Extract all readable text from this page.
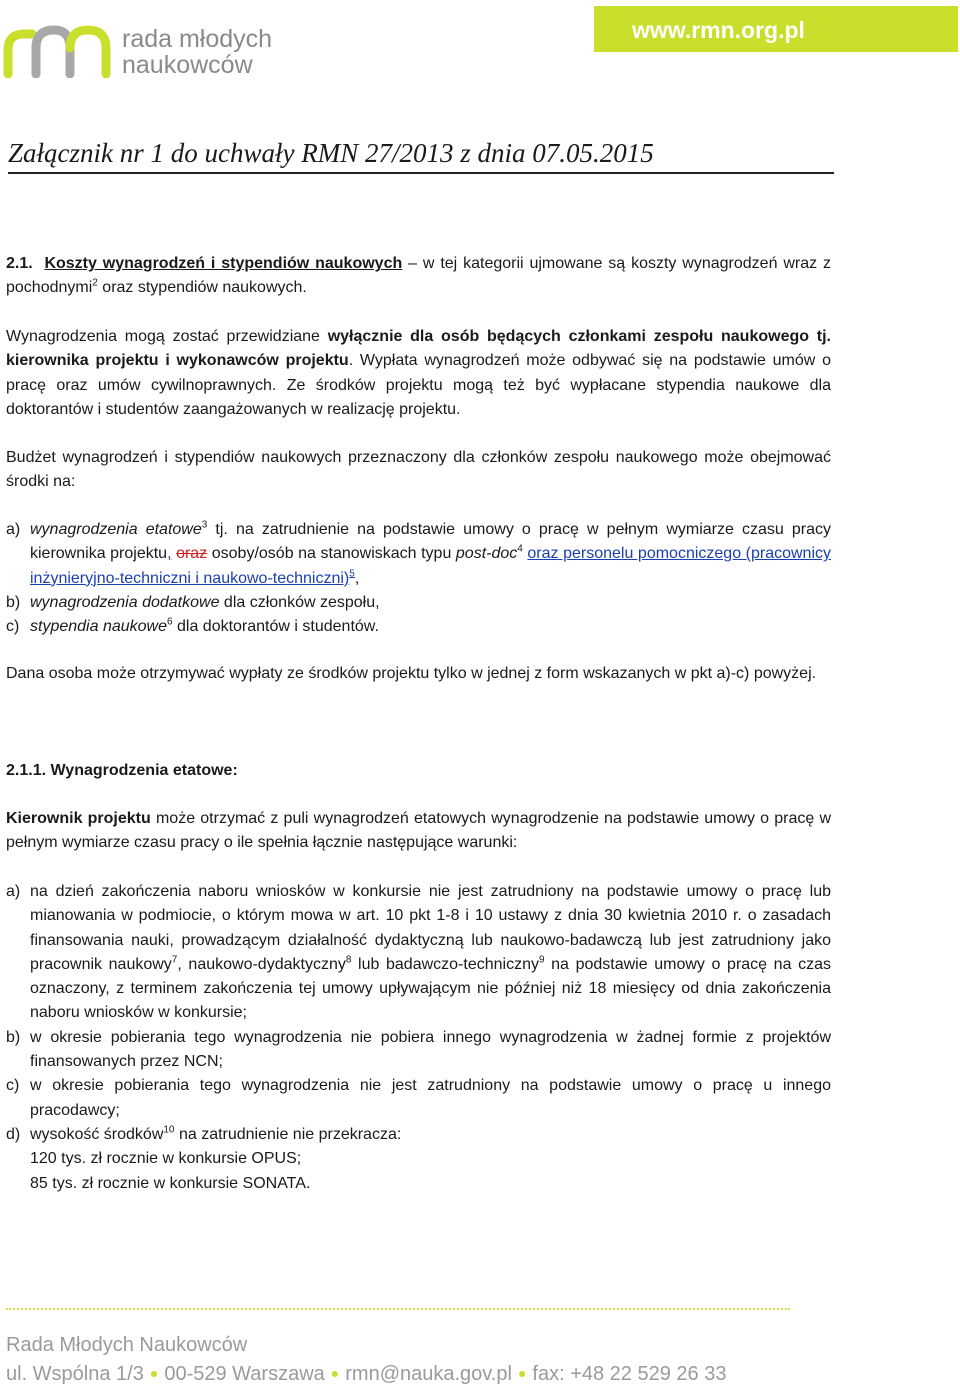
rada młodych
naukowców
www.rmn.org.pl
Załącznik nr 1 do uchwały RMN 27/2013 z dnia 07.05.2015

2.1. Koszty wynagrodzeń i stypendiów naukowych – w tej kategorii ujmowane są koszty wynagrodzeń wraz z pochodnymi$^2$ oraz stypendiów naukowych.

Wynagrodzenia mogą zostać przewidziane wyłącznie dla osób będących członkami zespołu naukowego tj. kierownika projektu i wykonawców projektu. Wypłata wynagrodzeń może odbywać się na podstawie umów o pracę oraz umów cywilnoprawnych. Ze środków projektu mogą też być wypłacane stypendia naukowe dla doktorantów i studentów zaangażowanych w realizację projektu.

Budżet wynagrodzeń i stypendiów naukowych przeznaczony dla członków zespołu naukowego może obejmować środki na:

a) wynagrodzenia etatowe$^3$ tj. na zatrudnienie na podstawie umowy o pracę w pełnym wymiarze czasu pracy kierownika projektu, oraz osoby/osób na stanowiskach typu post-doc$^4$ oraz personelu pomocniczego (pracownicy inżynieryjno-techniczni i naukowo-techniczni)$^5$,
b) wynagrodzenia dodatkowe dla członków zespołu,
c) stypendia naukowe$^6$ dla doktorantów i studentów.

Dana osoba może otrzymywać wypłaty ze środków projektu tylko w jednej z form wskazanych w pkt a)-c) powyżej.

2.1.1. Wynagrodzenia etatowe:

Kierownik projektu może otrzymać z puli wynagrodzeń etatowych wynagrodzenie na podstawie umowy o pracę w pełnym wymiarze czasu pracy o ile spełnia łącznie następujące warunki:

a) na dzień zakończenia naboru wniosków w konkursie nie jest zatrudniony na podstawie umowy o pracę lub mianowania w podmiocie, o którym mowa w art. 10 pkt 1-8 i 10 ustawy z dnia 30 kwietnia 2010 r. o zasadach finansowania nauki, prowadzącym działalność dydaktyczną lub naukowo-badawczą lub jest zatrudniony jako pracownik naukowy$^7$, naukowo-dydaktyczny$^8$ lub badawczo-techniczny$^9$ na podstawie umowy o pracę na czas oznaczony, z terminem zakończenia tej umowy upływającym nie później niż 18 miesięcy od dnia zakończenia naboru wniosków w konkursie;
b) w okresie pobierania tego wynagrodzenia nie pobiera innego wynagrodzenia w żadnej formie z projektów finansowanych przez NCN;
c) w okresie pobierania tego wynagrodzenia nie jest zatrudniony na podstawie umowy o pracę u innego pracodawcy;
d) wysokość środków$^{10}$ na zatrudnienie nie przekracza:
120 tys. zł rocznie w konkursie OPUS;
85 tys. zł rocznie w konkursie SONATA.
Rada Młodych Naukowców
ul. Wspólna 1/3 ● 00-529 Warszawa ● rmn@nauka.gov.pl ● fax: +48 22 529 26 33
